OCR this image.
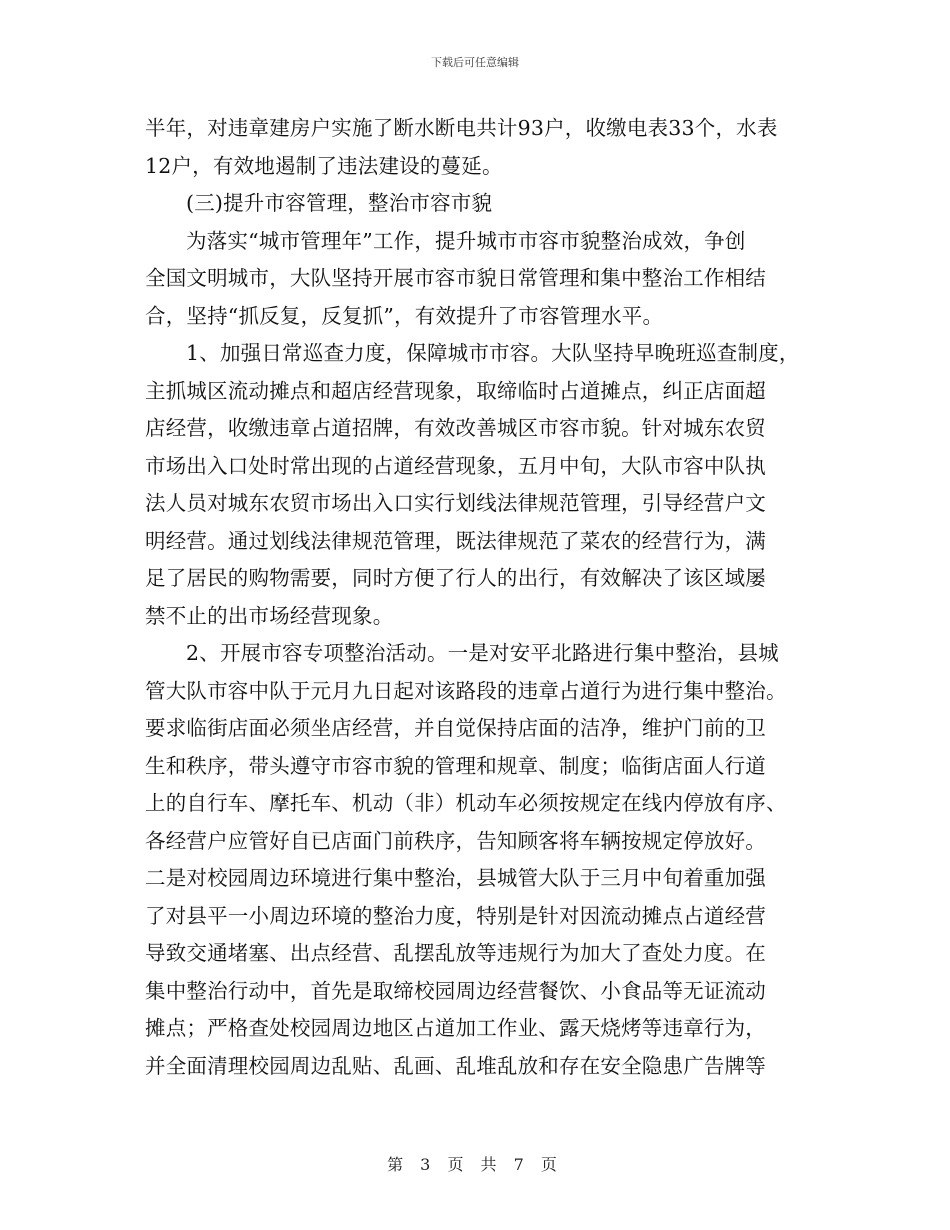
下载后可任意编辑
半年，对违章建房户实施了断水断电共计93户，收缴电表33个，水表
12户，有效地遏制了违法建设的蔓延。
(三)提升市容管理，整治市容市貌
为落实“城市管理年”工作，提升城市市容市貌整治成效，争创
全国文明城市，大队坚持开展市容市貌日常管理和集中整治工作相结
合，坚持“抓反复，反复抓”，有效提升了市容管理水平。
1、加强日常巡查力度，保障城市市容。大队坚持早晚班巡查制度，
主抓城区流动摊点和超店经营现象，取缔临时占道摊点，纠正店面超
店经营，收缴违章占道招牌，有效改善城区市容市貌。针对城东农贸
市场出入口处时常出现的占道经营现象，五月中旬，大队市容中队执
法人员对城东农贸市场出入口实行划线法律规范管理，引导经营户文
明经营。通过划线法律规范管理，既法律规范了菜农的经营行为，满
足了居民的购物需要，同时方便了行人的出行，有效解决了该区域屡
禁不止的出市场经营现象。
2、开展市容专项整治活动。一是对安平北路进行集中整治，县城
管大队市容中队于元月九日起对该路段的违章占道行为进行集中整治。
要求临街店面必须坐店经营，并自觉保持店面的洁净，维护门前的卫
生和秩序，带头遵守市容市貌的管理和规章、制度；临街店面人行道
上的自行车、摩托车、机动（非）机动车必须按规定在线内停放有序、
各经营户应管好自已店面门前秩序，告知顾客将车辆按规定停放好。
二是对校园周边环境进行集中整治，县城管大队于三月中旬着重加强
了对县平一小周边环境的整治力度，特别是针对因流动摊点占道经营
导致交通堵塞、出点经营、乱摆乱放等违规行为加大了查处力度。在
集中整治行动中，首先是取缔校园周边经营餐饮、小食品等无证流动
摊点；严格查处校园周边地区占道加工作业、露天烧烤等违章行为，
并全面清理校园周边乱贴、乱画、乱堆乱放和存在安全隐患广告牌等
第 3 页 共 7 页
